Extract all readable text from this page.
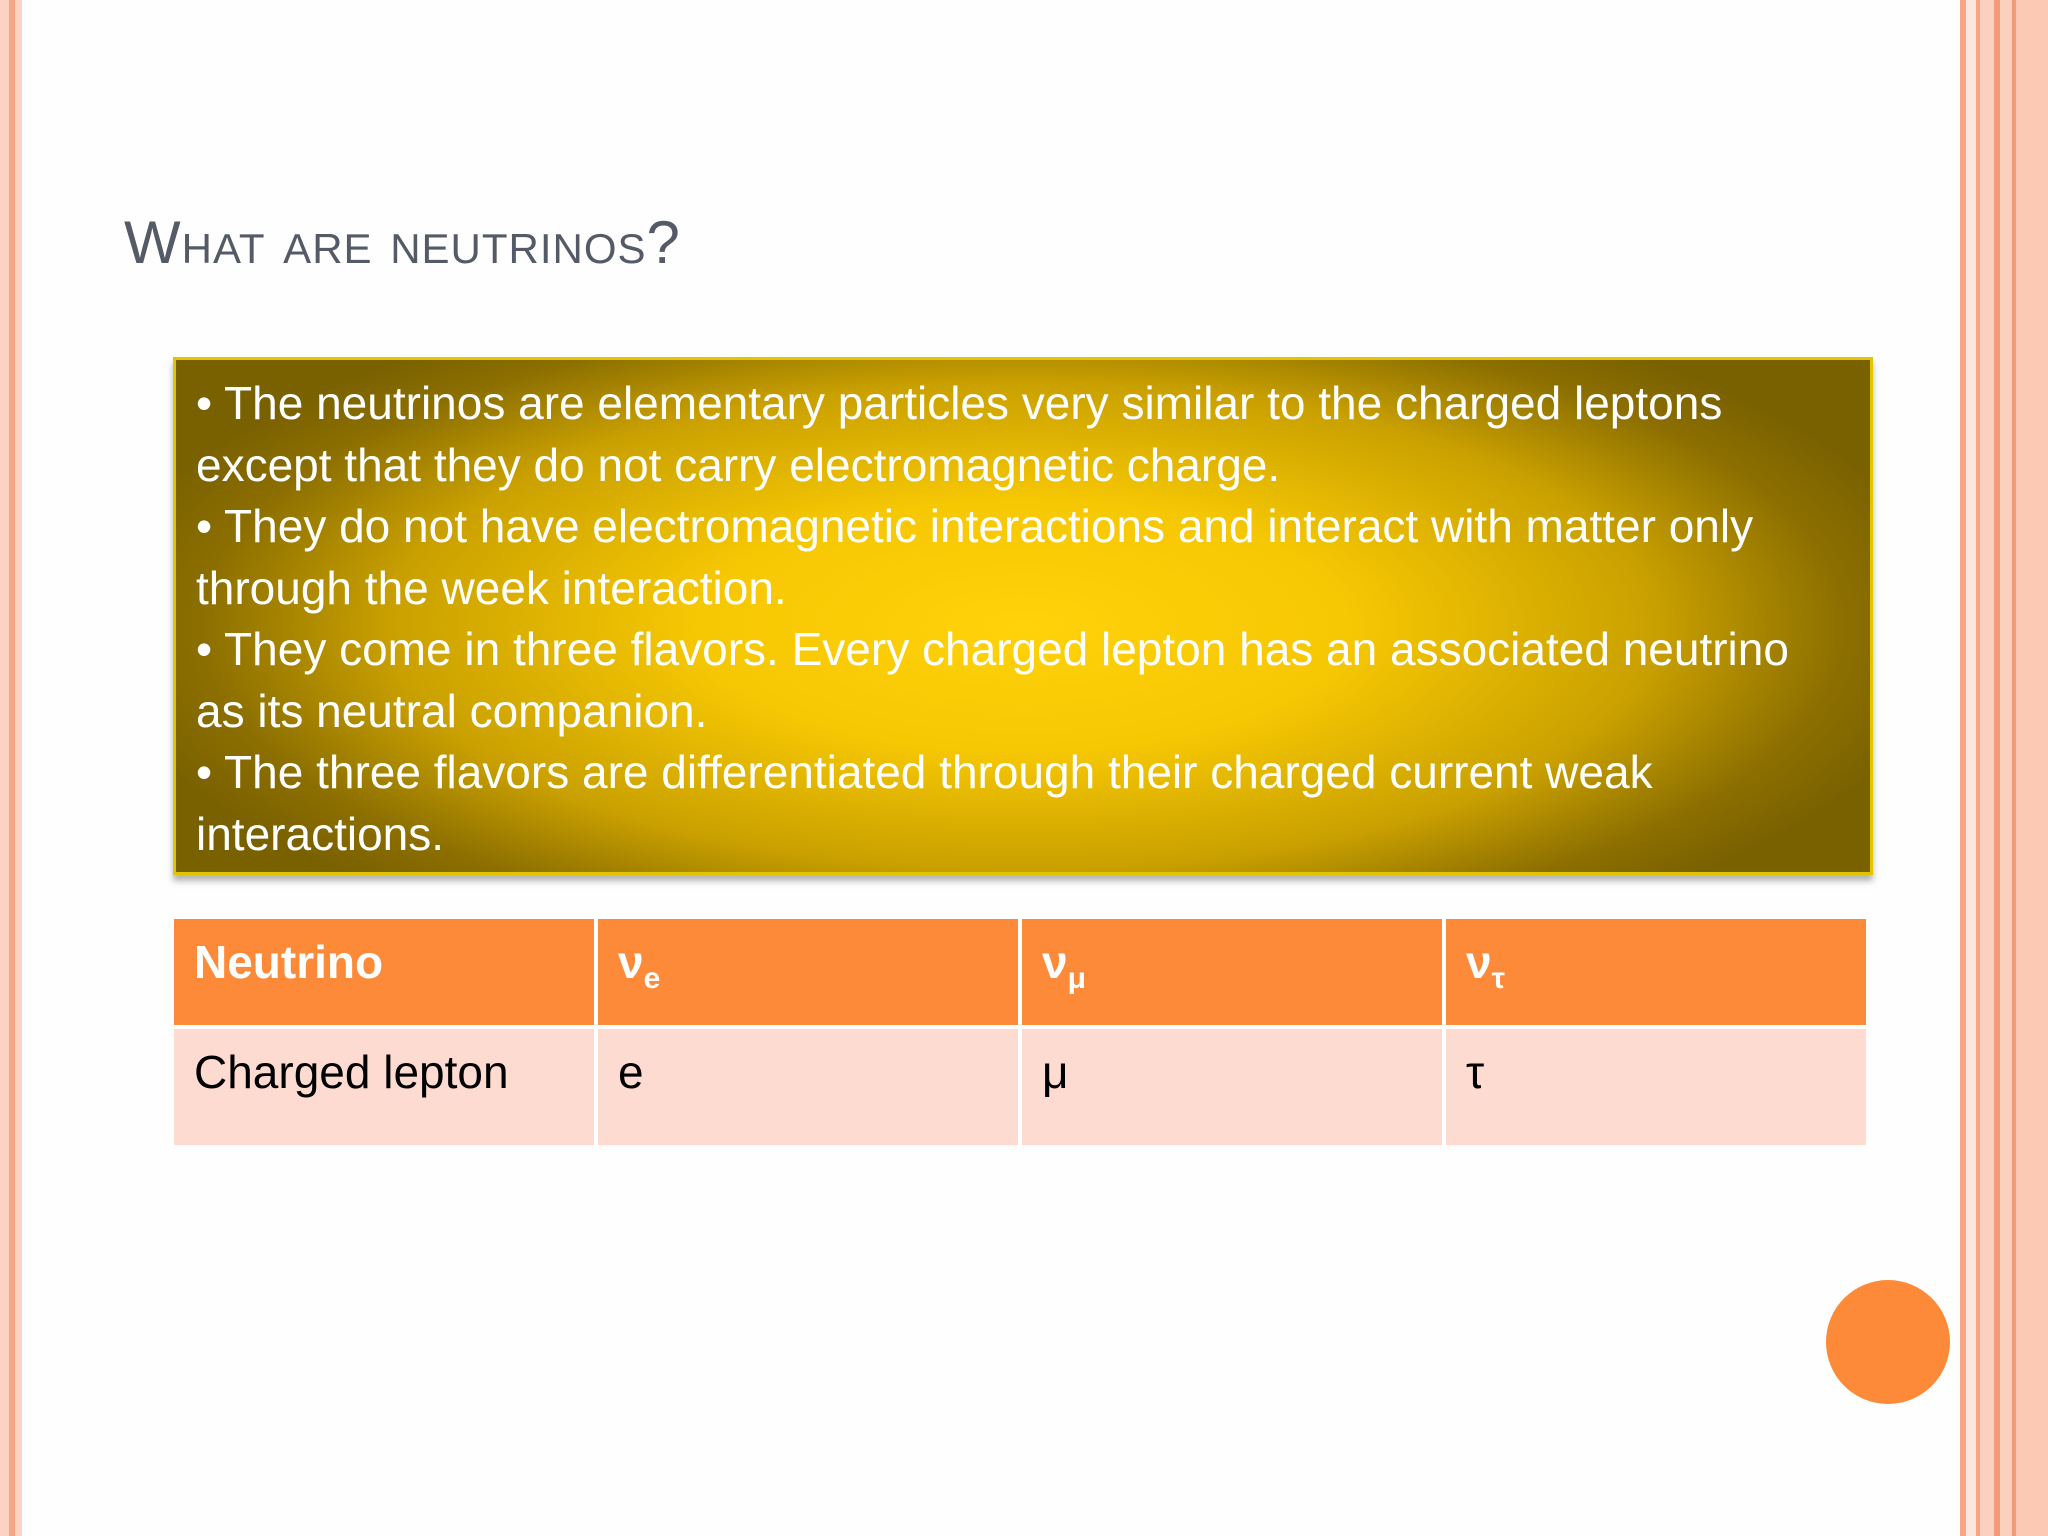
What are neutrinos?

• The neutrinos are elementary particles very similar to the charged leptons except that they do not carry electromagnetic charge.

• They do not have electromagnetic interactions and interact with matter only through the week interaction.

• They come in three flavors. Every charged lepton has an associated neutrino as its neutral companion.

• The three flavors are differentiated through their charged current weak interactions.

Neutrino	$\nu_e$	$\nu_\mu$	$\nu_\tau$
Charged lepton	e	μ	τ
